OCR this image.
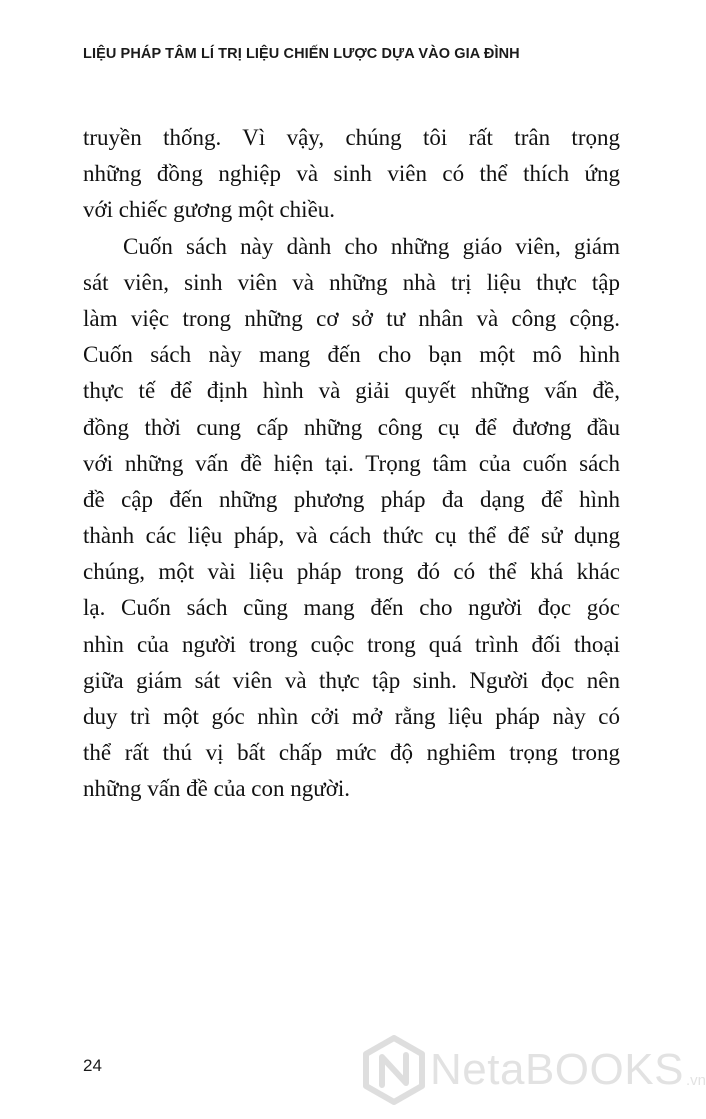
LIỆU PHÁP TÂM LÍ TRỊ LIỆU CHIẾN LƯỢC DỰA VÀO GIA ĐÌNH
truyền thống. Vì vậy, chúng tôi rất trân trọng
những đồng nghiệp và sinh viên có thể thích ứng
với chiếc gương một chiều.
Cuốn sách này dành cho những giáo viên, giám
sát viên, sinh viên và những nhà trị liệu thực tập
làm việc trong những cơ sở tư nhân và công cộng.
Cuốn sách này mang đến cho bạn một mô hình
thực tế để định hình và giải quyết những vấn đề,
đồng thời cung cấp những công cụ để đương đầu
với những vấn đề hiện tại. Trọng tâm của cuốn sách
đề cập đến những phương pháp đa dạng để hình
thành các liệu pháp, và cách thức cụ thể để sử dụng
chúng, một vài liệu pháp trong đó có thể khá khác
lạ. Cuốn sách cũng mang đến cho người đọc góc
nhìn của người trong cuộc trong quá trình đối thoại
giữa giám sát viên và thực tập sinh. Người đọc nên
duy trì một góc nhìn cởi mở rằng liệu pháp này có
thể rất thú vị bất chấp mức độ nghiêm trọng trong
những vấn đề của con người.
24	NetaBOOKS .vn
